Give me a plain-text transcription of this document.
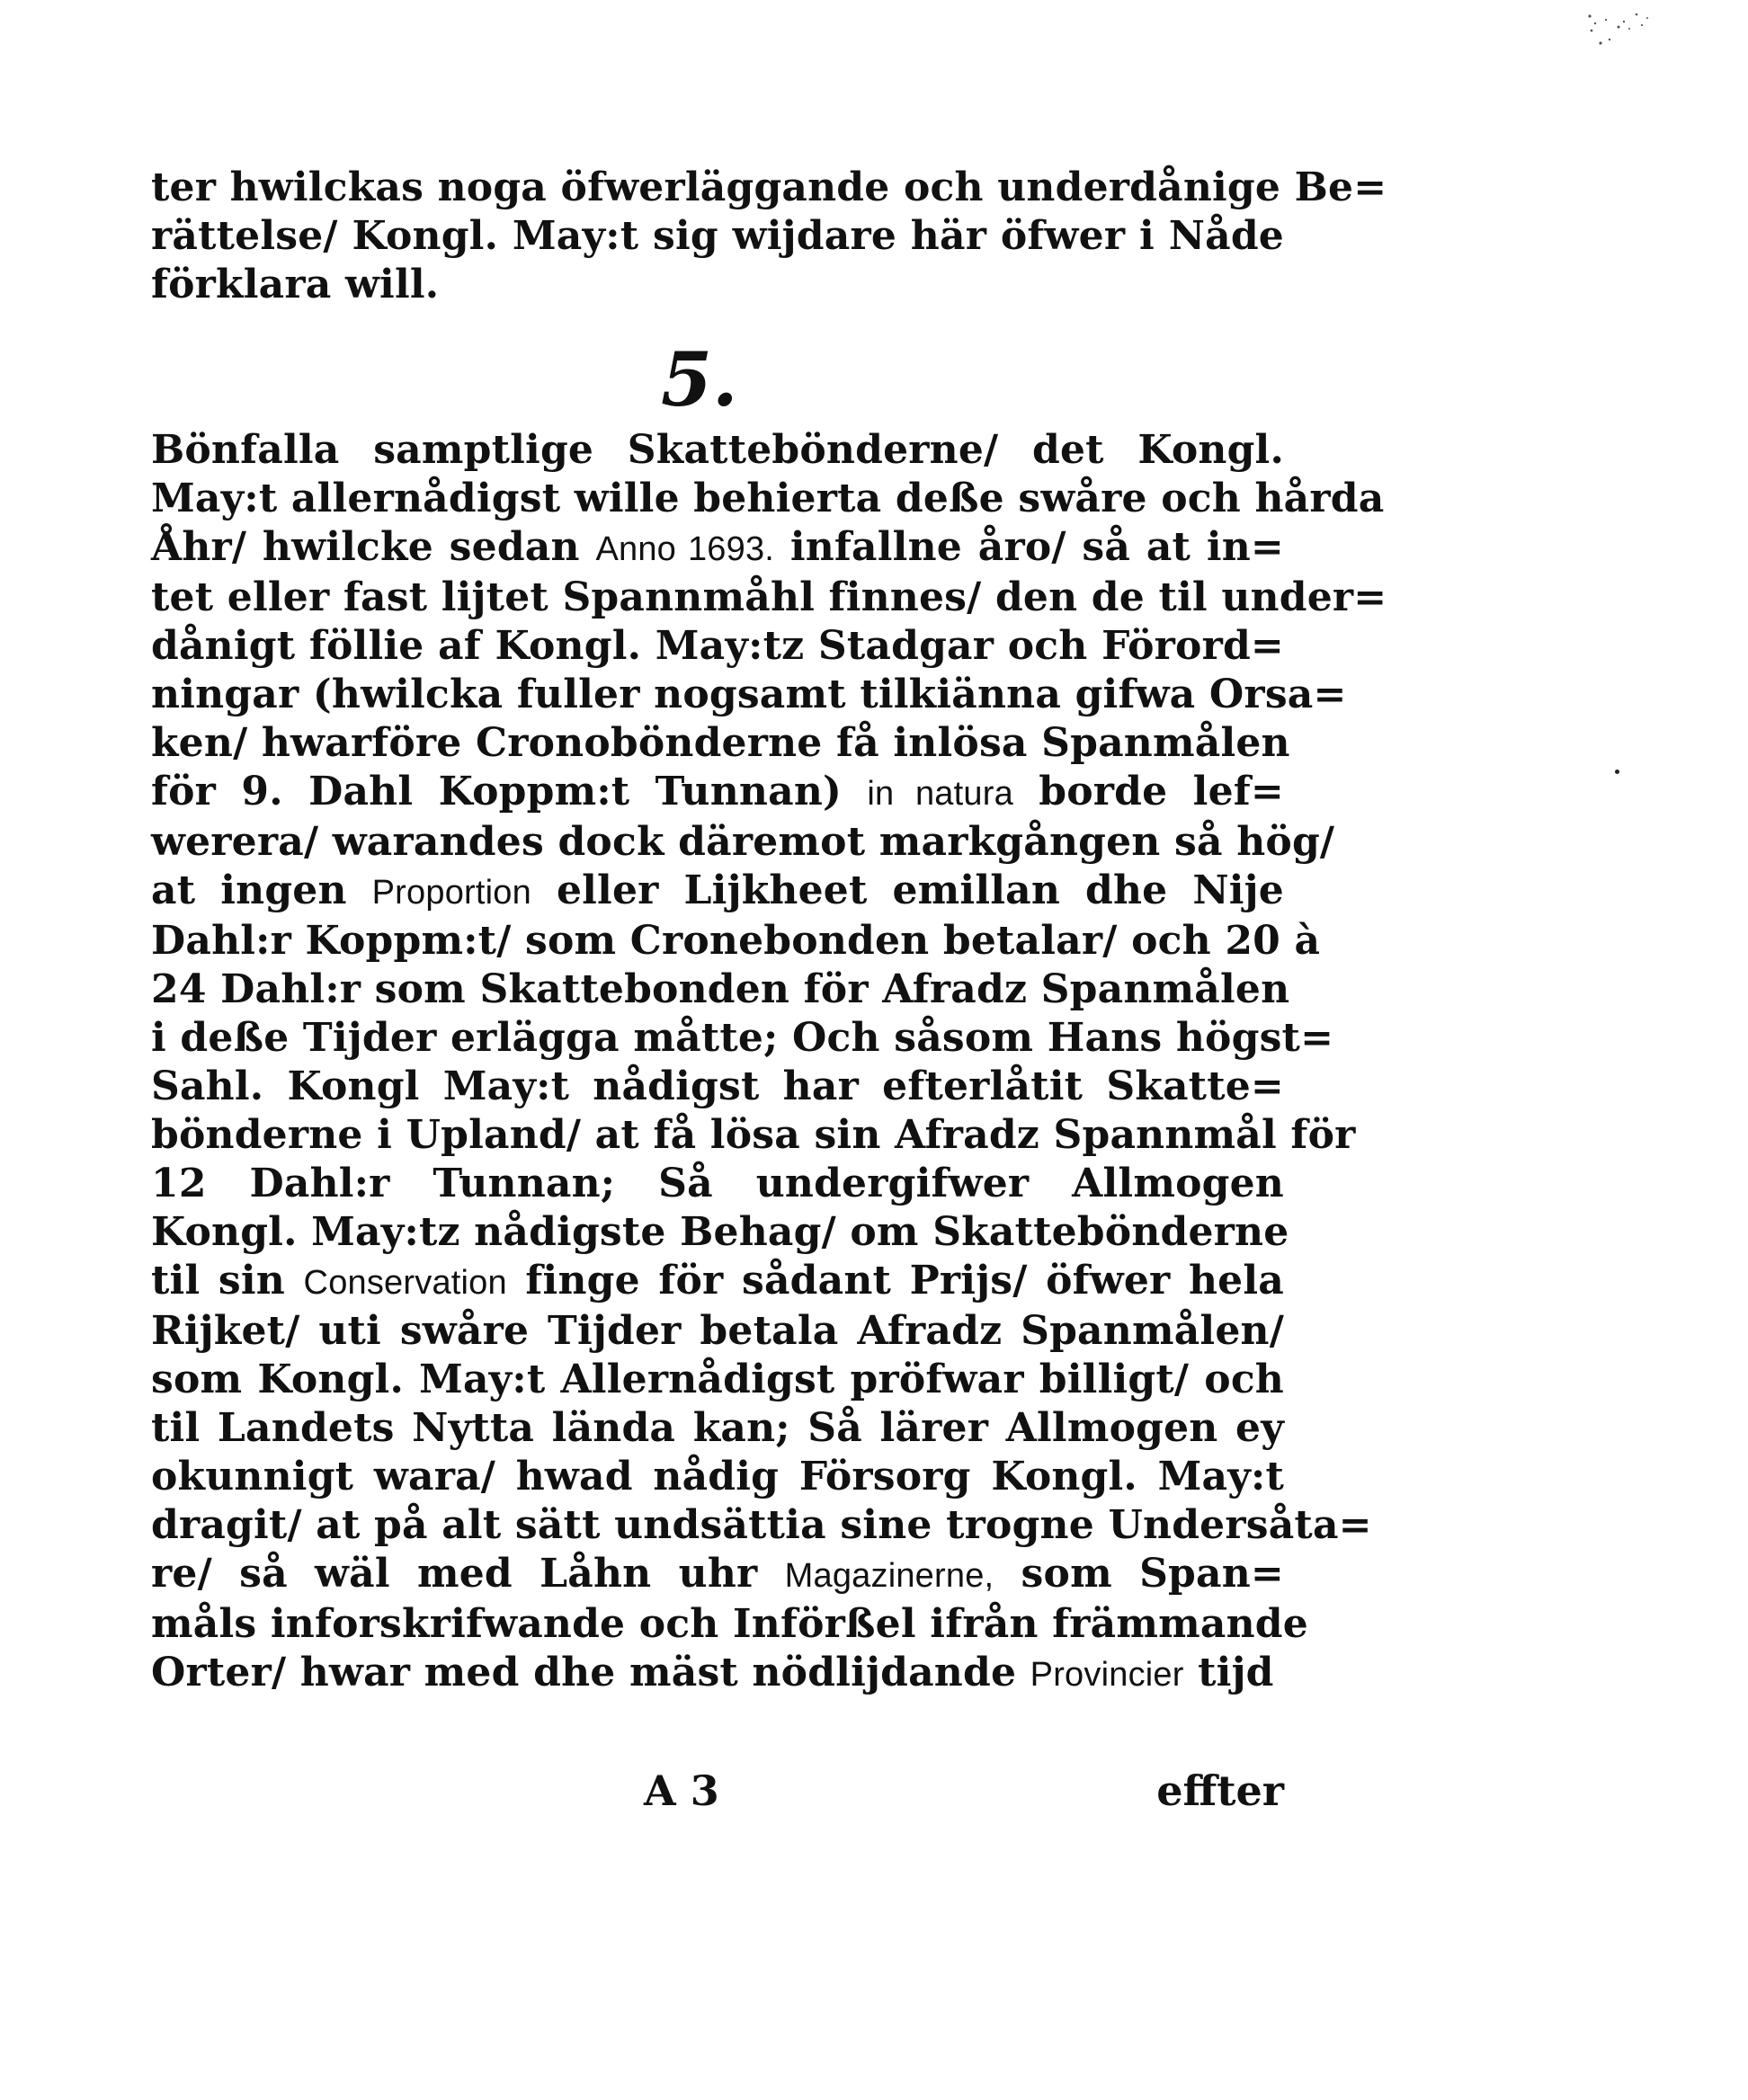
ter hwilckas noga öfwerläggande och underdånige Be=
rättelse/ Kongl. May:t sig wijdare här öfwer i Nåde
förklara will.
5.
Bönfalla samptlige Skattebönderne/ det Kongl.
May:t allernådigst wille behierta deße swåre och hårda
Åhr/ hwilcke sedan Anno 1693. infallne åro/ så at in=
tet eller fast lijtet Spannmåhl finnes/ den de til under=
dånigt föllie af Kongl. May:tz Stadgar och Förord=
ningar (hwilcka fuller nogsamt tilkiänna gifwa Orsa=
ken/ hwarföre Cronobönderne få inlösa Spanmålen
för 9. Dahl Koppm:t Tunnan) in natura borde lef=
werera/ warandes dock däremot markgången så hög/
at ingen Proportion eller Lijkheet emillan dhe Nije
Dahl:r Koppm:t/ som Cronebonden betalar/ och 20 à
24 Dahl:r som Skattebonden för Afradz Spanmålen
i deße Tijder erlägga måtte; Och såsom Hans högst=
Sahl. Kongl May:t nådigst har efterlåtit Skatte=
bönderne i Upland/ at få lösa sin Afradz Spannmål för
12 Dahl:r Tunnan; Så undergifwer Allmogen
Kongl. May:tz nådigste Behag/ om Skattebönderne
til sin Conservation finge för sådant Prijs/ öfwer hela
Rijket/ uti swåre Tijder betala Afradz Spanmålen/
som Kongl. May:t Allernådigst pröfwar billigt/ och
til Landets Nytta lända kan; Så lärer Allmogen ey
okunnigt wara/ hwad nådig Försorg Kongl. May:t
dragit/ at på alt sätt undsättia sine trogne Undersåta=
re/ så wäl med Låhn uhr Magazinerne, som Span=
måls inforskrifwande och Införßel ifrån främmande
Orter/ hwar med dhe mäst nödlijdande Provincier tijd
A 3	effter
